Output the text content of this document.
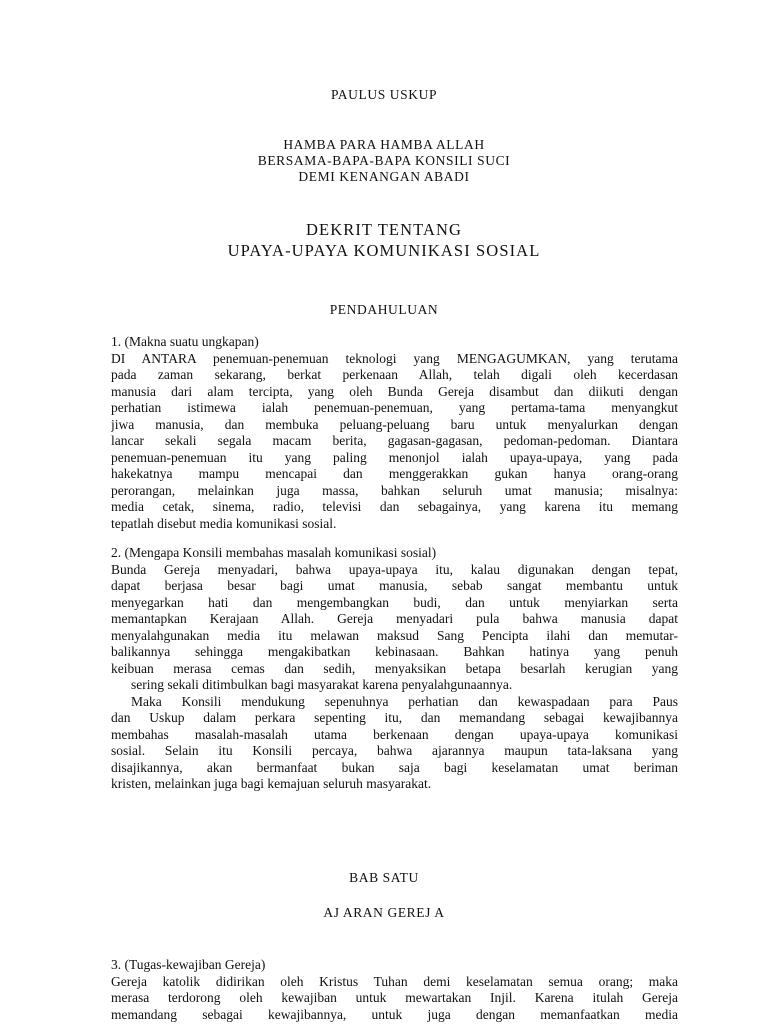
PAULUS USKUP
HAMBA PARA HAMBA ALLAH
BERSAMA-BAPA-BAPA KONSILI SUCI
DEMI KENANGAN ABADI
DEKRIT TENTANG
UPAYA-UPAYA KOMUNIKASI SOSIAL
PENDAHULUAN
1. (Makna suatu ungkapan)
DI ANTARA penemuan-penemuan teknologi yang MENGAGUMKAN, yang terutama
pada zaman sekarang, berkat perkenaan Allah, telah digali oleh kecerdasan
manusia dari alam tercipta, yang oleh Bunda Gereja disambut dan diikuti dengan
perhatian istimewa ialah penemuan-penemuan, yang pertama-tama menyangkut
jiwa manusia, dan membuka peluang-peluang baru untuk menyalurkan dengan
lancar sekali segala macam berita, gagasan-gagasan, pedoman-pedoman. Diantara
penemuan-penemuan itu yang paling menonjol ialah upaya-upaya, yang pada
hakekatnya mampu mencapai dan menggerakkan gukan hanya orang-orang
perorangan, melainkan juga massa, bahkan seluruh umat manusia; misalnya:
media cetak, sinema, radio, televisi dan sebagainya, yang karena itu memang
tepatlah disebut media komunikasi sosial.
2. (Mengapa Konsili membahas masalah komunikasi sosial)
Bunda Gereja menyadari, bahwa upaya-upaya itu, kalau digunakan dengan tepat,
dapat berjasa besar bagi umat manusia, sebab sangat membantu untuk
menyegarkan hati dan mengembangkan budi, dan untuk menyiarkan serta
memantapkan Kerajaan Allah. Gereja menyadari pula bahwa manusia dapat
menyalahgunakan media itu melawan maksud Sang Pencipta ilahi dan memutar-
balikannya sehingga mengakibatkan kebinasaan. Bahkan hatinya yang penuh
keibuan merasa cemas dan sedih, menyaksikan betapa besarlah kerugian yang
sering sekali ditimbulkan bagi masyarakat karena penyalahgunaannya.
Maka Konsili mendukung sepenuhnya perhatian dan kewaspadaan para Paus
dan Uskup dalam perkara sepenting itu, dan memandang sebagai kewajibannya
membahas masalah-masalah utama berkenaan dengan upaya-upaya komunikasi
sosial. Selain itu Konsili percaya, bahwa ajarannya maupun tata-laksana yang
disajikannya, akan bermanfaat bukan saja bagi keselamatan umat beriman
kristen, melainkan juga bagi kemajuan seluruh masyarakat.
BAB SATU
AJ ARAN GEREJ A
3. (Tugas-kewajiban Gereja)
Gereja katolik didirikan oleh Kristus Tuhan demi keselamatan semua orang; maka
merasa terdorong oleh kewajiban untuk mewartakan Injil. Karena itulah Gereja
memandang sebagai kewajibannya, untuk juga dengan memanfaatkan media
